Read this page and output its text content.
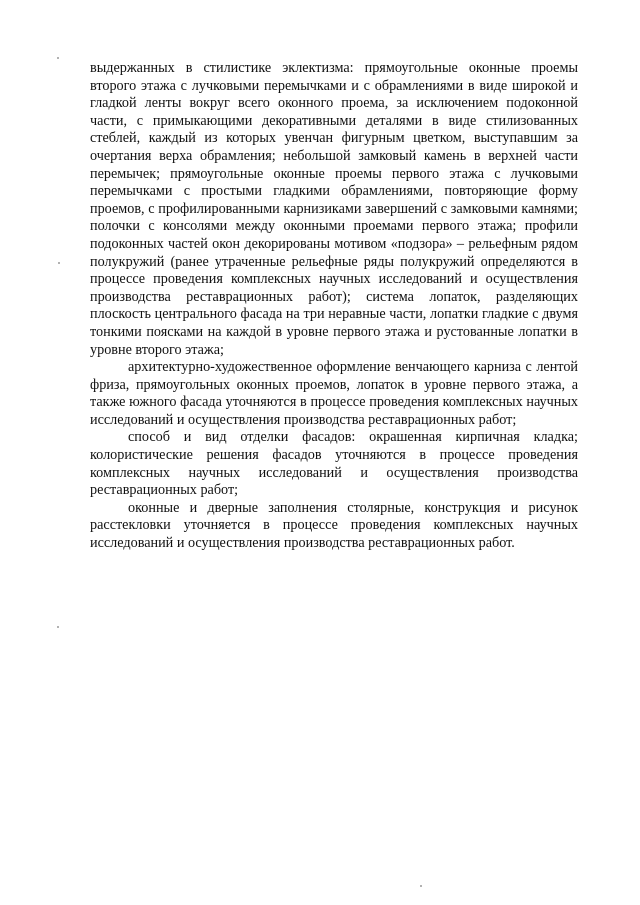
выдержанных в стилистике эклектизма: прямоугольные оконные проемы второго этажа с лучковыми перемычками и с обрамлениями в виде широкой и гладкой ленты вокруг всего оконного проема, за исключением подоконной части, с примыкающими декоративными деталями в виде стилизованных стеблей, каждый из которых увенчан фигурным цветком, выступавшим за очертания верха обрамления; небольшой замковый камень в верхней части перемычек; прямоугольные оконные проемы первого этажа с лучковыми перемычками с простыми гладкими обрамлениями, повторяющие форму проемов, с профилированными карнизиками завершений с замковыми камнями; полочки с консолями между оконными проемами первого этажа; профили подоконных частей окон декорированы мотивом «подзора» – рельефным рядом полукружий (ранее утраченные рельефные ряды полукружий определяются в процессе проведения комплексных научных исследований и осуществления производства реставрационных работ); система лопаток, разделяющих плоскость центрального фасада на три неравные части, лопатки гладкие с двумя тонкими поясками на каждой в уровне первого этажа и рустованные лопатки в уровне второго этажа;

архитектурно-художественное оформление венчающего карниза с лентой фриза, прямоугольных оконных проемов, лопаток в уровне первого этажа, а также южного фасада уточняются в процессе проведения комплексных научных исследований и осуществления производства реставрационных работ;

способ и вид отделки фасадов: окрашенная кирпичная кладка; колористические решения фасадов уточняются в процессе проведения комплексных научных исследований и осуществления производства реставрационных работ;

оконные и дверные заполнения столярные, конструкция и рисунок расстекловки уточняется в процессе проведения комплексных научных исследований и осуществления производства реставрационных работ.
